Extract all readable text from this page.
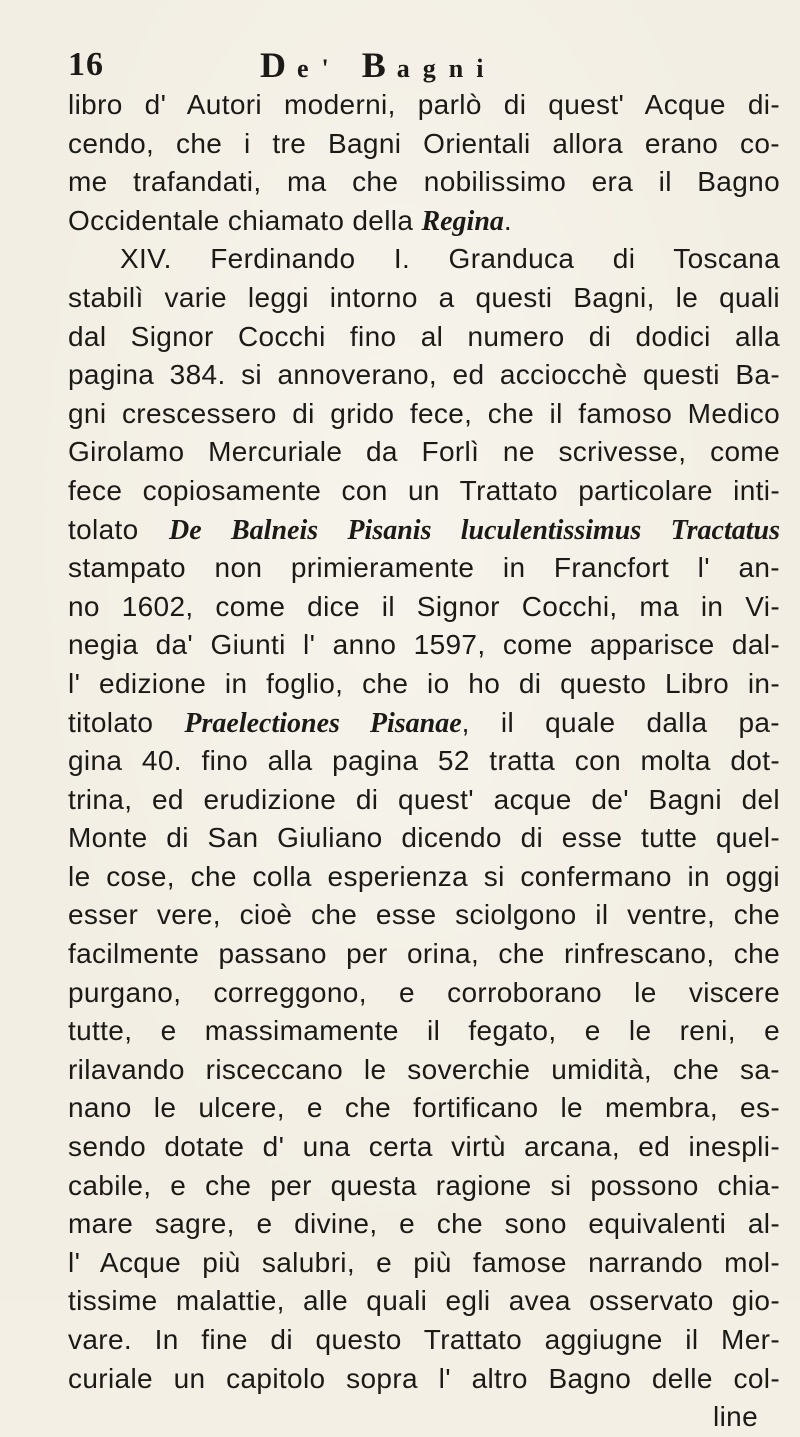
16	De' Bagni
libro d' Autori moderni, parlò di quest' Acque di-
cendo, che i tre Bagni Orientali allora erano co-
me trafandati, ma che nobilissimo era il Bagno
Occidentale chiamato della Regina.
XIV. Ferdinando I. Granduca di Toscana
stabilì varie leggi intorno a questi Bagni, le quali
dal Signor Cocchi fino al numero di dodici alla
pagina 384. si annoverano, ed acciocchè questi Ba-
gni crescessero di grido fece, che il famoso Medico
Girolamo Mercuriale da Forlì ne scrivesse, come
fece copiosamente con un Trattato particolare inti-
tolato De Balneis Pisanis luculentissimus Tractatus
stampato non primieramente in Francfort l' an-
no 1602, come dice il Signor Cocchi, ma in Vi-
negia da' Giunti l' anno 1597, come apparisce dal-
l' edizione in foglio, che io ho di questo Libro in-
titolato Praelectiones Pisanae, il quale dalla pa-
gina 40. fino alla pagina 52 tratta con molta dot-
trina, ed erudizione di quest' acque de' Bagni del
Monte di San Giuliano dicendo di esse tutte quel-
le cose, che colla esperienza si confermano in oggi
esser vere, cioè che esse sciolgono il ventre, che
facilmente passano per orina, che rinfrescano, che
purgano, correggono, e corroborano le viscere
tutte, e massimamente il fegato, e le reni, e
rilavando risceccano le soverchie umidità, che sa-
nano le ulcere, e che fortificano le membra, es-
sendo dotate d' una certa virtù arcana, ed inespli-
cabile, e che per questa ragione si possono chia-
mare sagre, e divine, e che sono equivalenti al-
l' Acque più salubri, e più famose narrando mol-
tissime malattie, alle quali egli avea osservato gio-
vare. In fine di questo Trattato aggiugne il Mer-
curiale un capitolo sopra l' altro Bagno delle col-
line
